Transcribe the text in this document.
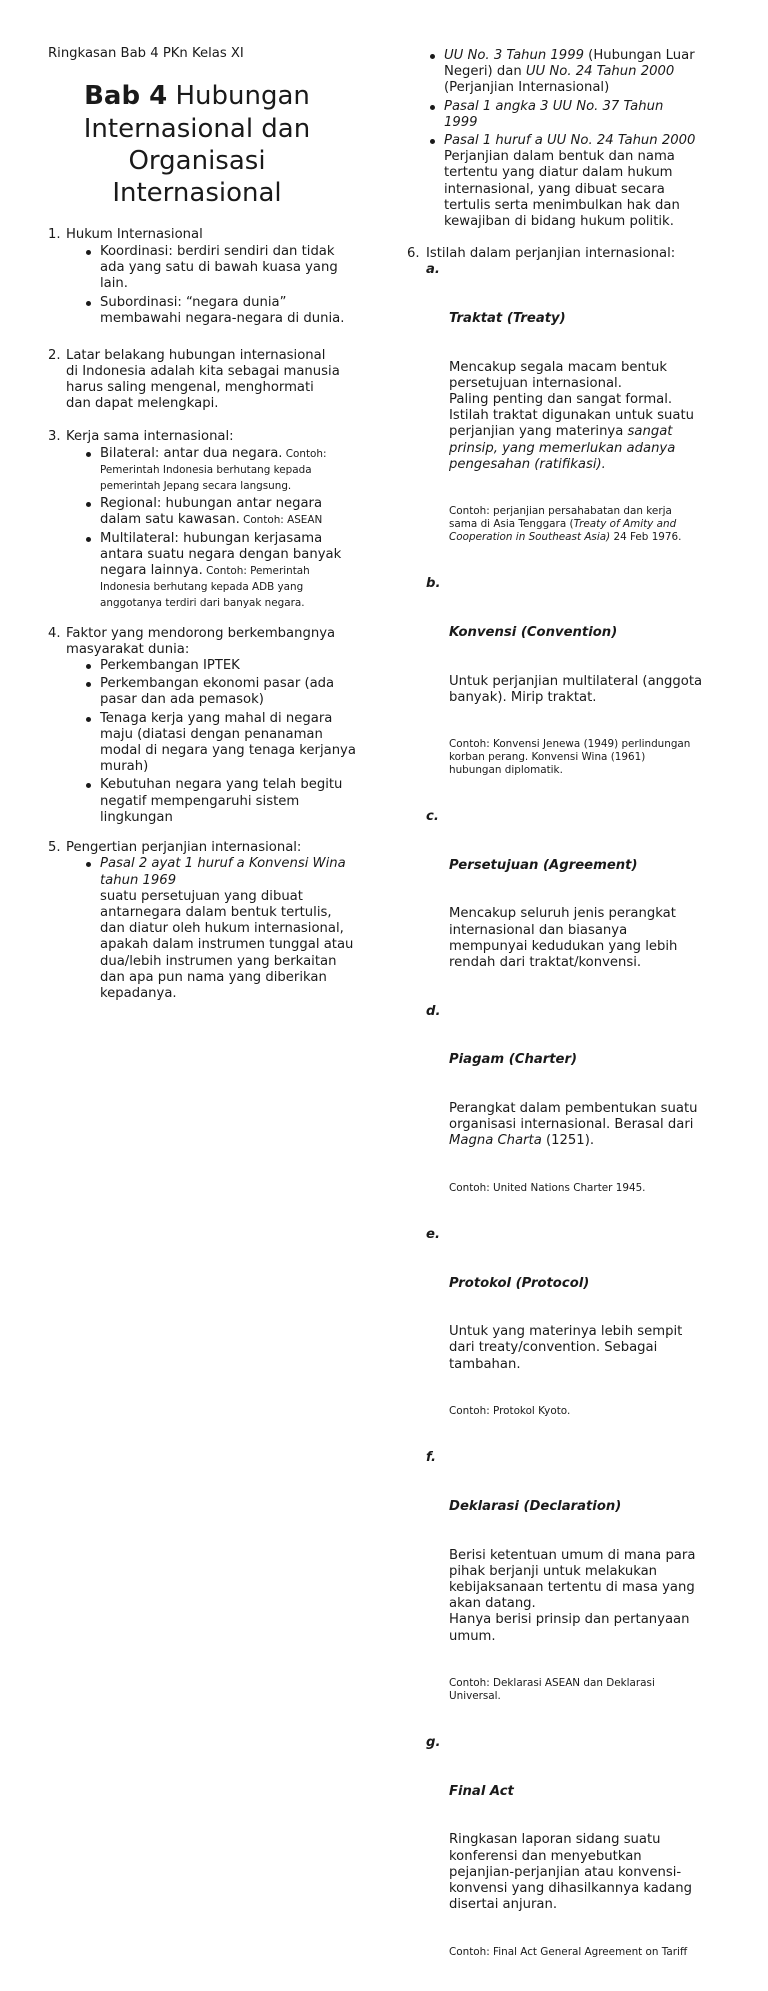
Ringkasan Bab 4 PKn Kelas XI
Bab 4 Hubungan
Internasional dan
Organisasi
Internasional
1. Hukum Internasional
Koordinasi: berdiri sendiri dan tidak
ada yang satu di bawah kuasa yang
lain.
Subordinasi: “negara dunia”
membawahi negara-negara di dunia.
2. Latar belakang hubungan internasional
di Indonesia adalah kita sebagai manusia
harus saling mengenal, menghormati
dan dapat melengkapi.
3. Kerja sama internasional:
Bilateral: antar dua negara. Contoh:
Pemerintah Indonesia berhutang kepada
pemerintah Jepang secara langsung.
Regional: hubungan antar negara
dalam satu kawasan. Contoh: ASEAN
Multilateral: hubungan kerjasama
antara suatu negara dengan banyak
negara lainnya. Contoh: Pemerintah
Indonesia berhutang kepada ADB yang
anggotanya terdiri dari banyak negara.
4. Faktor yang mendorong berkembangnya
masyarakat dunia:
Perkembangan IPTEK
Perkembangan ekonomi pasar (ada
pasar dan ada pemasok)
Tenaga kerja yang mahal di negara
maju (diatasi dengan penanaman
modal di negara yang tenaga kerjanya
murah)
Kebutuhan negara yang telah begitu
negatif mempengaruhi sistem
lingkungan
5. Pengertian perjanjian internasional:
Pasal 2 ayat 1 huruf a Konvensi Wina
tahun 1969
suatu persetujuan yang dibuat
antarnegara dalam bentuk tertulis,
dan diatur oleh hukum internasional,
apakah dalam instrumen tunggal atau
dua/lebih instrumen yang berkaitan
dan apa pun nama yang diberikan
kepadanya.
UU No. 3 Tahun 1999 (Hubungan Luar
Negeri) dan UU No. 24 Tahun 2000
(Perjanjian Internasional)
Pasal 1 angka 3 UU No. 37 Tahun
1999
Pasal 1 huruf a UU No. 24 Tahun 2000
Perjanjian dalam bentuk dan nama
tertentu yang diatur dalam hukum
internasional, yang dibuat secara
tertulis serta menimbulkan hak dan
kewajiban di bidang hukum politik.
6. Istilah dalam perjanjian internasional:

a.

Traktat (Treaty)

Mencakup segala macam bentuk
persetujuan internasional.
Paling penting dan sangat formal.
Istilah traktat digunakan untuk suatu
perjanjian yang materinya sangat
prinsip, yang memerlukan adanya
pengesahan (ratifikasi).

Contoh: perjanjian persahabatan dan kerja
sama di Asia Tenggara (Treaty of Amity and
Cooperation in Southeast Asia) 24 Feb 1976.

b.

Konvensi (Convention)

Untuk perjanjian multilateral (anggota
banyak). Mirip traktat.

Contoh: Konvensi Jenewa (1949) perlindungan
korban perang. Konvensi Wina (1961)
hubungan diplomatik.

c.

Persetujuan (Agreement)

Mencakup seluruh jenis perangkat
internasional dan biasanya
mempunyai kedudukan yang lebih
rendah dari traktat/konvensi.

d.

Piagam (Charter)

Perangkat dalam pembentukan suatu
organisasi internasional. Berasal dari
Magna Charta (1251).

Contoh: United Nations Charter 1945.

e.

Protokol (Protocol)

Untuk yang materinya lebih sempit
dari treaty/convention. Sebagai
tambahan.

Contoh: Protokol Kyoto.

f.

Deklarasi (Declaration)

Berisi ketentuan umum di mana para
pihak berjanji untuk melakukan
kebijaksanaan tertentu di masa yang
akan datang.
Hanya berisi prinsip dan pertanyaan
umum.

Contoh: Deklarasi ASEAN dan Deklarasi
Universal.

g.

Final Act

Ringkasan laporan sidang suatu
konferensi dan menyebutkan
pejanjian-perjanjian atau konvensi-
konvensi yang dihasilkannya kadang
disertai anjuran.

Contoh: Final Act General Agreement on Tariff
